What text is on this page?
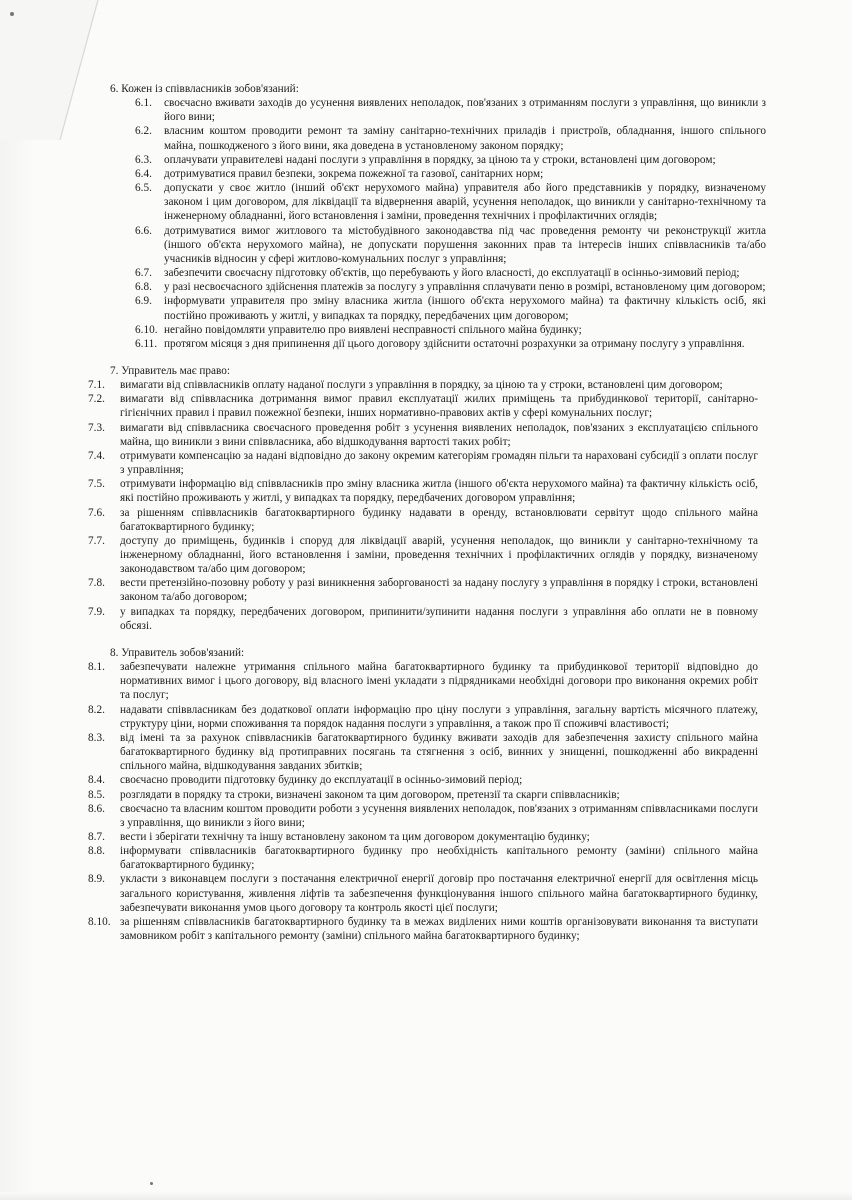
6. Кожен із співвласників зобов'язаний:

6.1. своєчасно вживати заходів до усунення виявлених неполадок, пов'язаних з отриманням послуги з управління, що виникли з його вини;
6.2. власним коштом проводити ремонт та заміну санітарно-технічних приладів і пристроїв, обладнання, іншого спільного майна, пошкодженого з його вини, яка доведена в установленому законом порядку;
6.3. оплачувати управителеві надані послуги з управління в порядку, за ціною та у строки, встановлені цим договором;
6.4. дотримуватися правил безпеки, зокрема пожежної та газової, санітарних норм;
6.5. допускати у своє житло (інший об'єкт нерухомого майна) управителя або його представників у порядку, визначеному законом і цим договором, для ліквідації та відвернення аварій, усунення неполадок, що виникли у санітарно-технічному та інженерному обладнанні, його встановлення і заміни, проведення технічних і профілактичних оглядів;
6.6. дотримуватися вимог житлового та містобудівного законодавства під час проведення ремонту чи реконструкції житла (іншого об'єкта нерухомого майна), не допускати порушення законних прав та інтересів інших співвласників та/або учасників відносин у сфері житлово-комунальних послуг з управління;
6.7. забезпечити своєчасну підготовку об'єктів, що перебувають у його власності, до експлуатації в осінньо-зимовий період;
6.8. у разі несвоєчасного здійснення платежів за послугу з управління сплачувати пеню в розмірі, встановленому цим договором;
6.9. інформувати управителя про зміну власника житла (іншого об'єкта нерухомого майна) та фактичну кількість осіб, які постійно проживають у житлі, у випадках та порядку, передбачених цим договором;
6.10. негайно повідомляти управителю про виявлені несправності спільного майна будинку;
6.11. протягом місяця з дня припинення дії цього договору здійснити остаточні розрахунки за отриману послугу з управління.

7. Управитель має право:

7.1. вимагати від співвласників оплату наданої послуги з управління в порядку, за ціною та у строки, встановлені цим договором;
7.2. вимагати від співвласника дотримання вимог правил експлуатації жилих приміщень та прибудинкової території, санітарно-гігієнічних правил і правил пожежної безпеки, інших нормативно-правових актів у сфері комунальних послуг;
7.3. вимагати від співвласника своєчасного проведення робіт з усунення виявлених неполадок, пов'язаних з експлуатацією спільного майна, що виникли з вини співвласника, або відшкодування вартості таких робіт;
7.4. отримувати компенсацію за надані відповідно до закону окремим категоріям громадян пільги та нараховані субсидії з оплати послуг з управління;
7.5. отримувати інформацію від співвласників про зміну власника житла (іншого об'єкта нерухомого майна) та фактичну кількість осіб, які постійно проживають у житлі, у випадках та порядку, передбачених договором управління;
7.6. за рішенням співвласників багатоквартирного будинку надавати в оренду, встановлювати сервітут щодо спільного майна багатоквартирного будинку;
7.7. доступу до приміщень, будинків і споруд для ліквідації аварій, усунення неполадок, що виникли у санітарно-технічному та інженерному обладнанні, його встановлення і заміни, проведення технічних і профілактичних оглядів у порядку, визначеному законодавством та/або цим договором;
7.8. вести претензійно-позовну роботу у разі виникнення заборгованості за надану послугу з управління в порядку і строки, встановлені законом та/або договором;
7.9. у випадках та порядку, передбачених договором, припинити/зупинити надання послуги з управління або оплати не в повному обсязі.

8. Управитель зобов'язаний:

8.1. забезпечувати належне утримання спільного майна багатоквартирного будинку та прибудинкової території відповідно до нормативних вимог і цього договору, від власного імені укладати з підрядниками необхідні договори про виконання окремих робіт та послуг;
8.2. надавати співвласникам без додаткової оплати інформацію про ціну послуги з управління, загальну вартість місячного платежу, структуру ціни, норми споживання та порядок надання послуги з управління, а також про її споживчі властивості;
8.3. від імені та за рахунок співвласників багатоквартирного будинку вживати заходів для забезпечення захисту спільного майна багатоквартирного будинку від протиправних посягань та стягнення з осіб, винних у знищенні, пошкодженні або викраденні спільного майна, відшкодування завданих збитків;
8.4. своєчасно проводити підготовку будинку до експлуатації в осінньо-зимовий період;
8.5. розглядати в порядку та строки, визначені законом та цим договором, претензії та скарги співвласників;
8.6. своєчасно та власним коштом проводити роботи з усунення виявлених неполадок, пов'язаних з отриманням співвласниками послуги з управління, що виникли з його вини;
8.7. вести і зберігати технічну та іншу встановлену законом та цим договором документацію будинку;
8.8. інформувати співвласників багатоквартирного будинку про необхідність капітального ремонту (заміни) спільного майна багатоквартирного будинку;
8.9. укласти з виконавцем послуги з постачання електричної енергії договір про постачання електричної енергії для освітлення місць загального користування, живлення ліфтів та забезпечення функціонування іншого спільного майна багатоквартирного будинку, забезпечувати виконання умов цього договору та контроль якості цієї послуги;
8.10. за рішенням співвласників багатоквартирного будинку та в межах виділених ними коштів організовувати виконання та виступати замовником робіт з капітального ремонту (заміни) спільного майна багатоквартирного будинку;
